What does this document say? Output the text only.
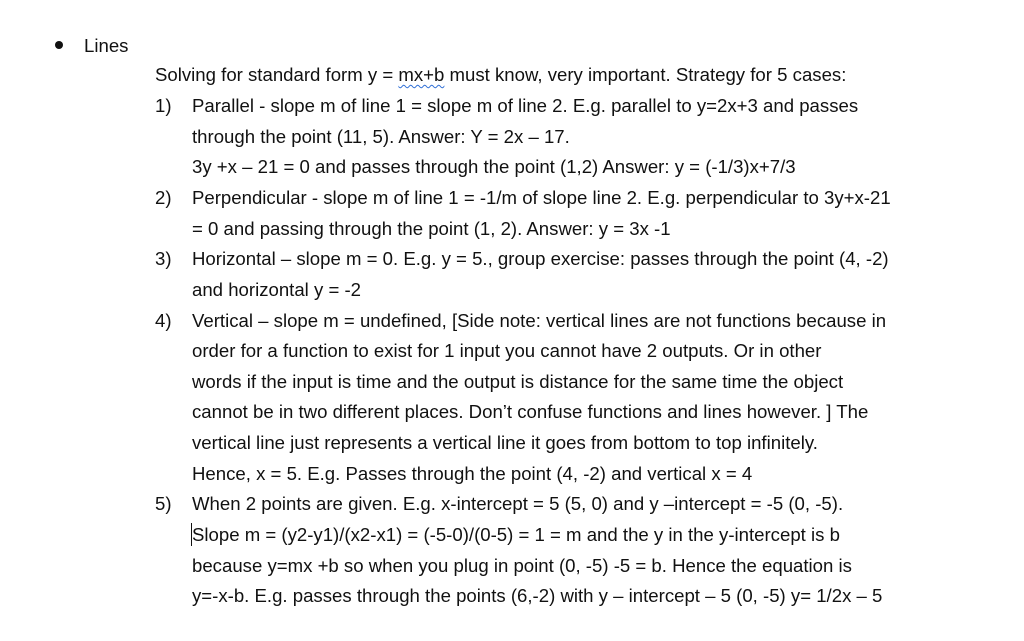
Lines
Solving for standard form y = mx+b must know, very important. Strategy for 5 cases:
1) Parallel - slope m of line 1 = slope m of line 2. E.g. parallel to y=2x+3 and passes
through the point (11, 5). Answer: Y = 2x – 17.
3y +x – 21 = 0 and passes through the point (1,2) Answer: y = (-1/3)x+7/3
2) Perpendicular - slope m of line 1 = -1/m of slope line 2. E.g. perpendicular to 3y+x-21
= 0 and passing through the point (1, 2). Answer: y = 3x -1
3) Horizontal – slope m = 0. E.g. y = 5., group exercise: passes through the point (4, -2)
and horizontal y = -2
4) Vertical – slope m = undefined, [Side note: vertical lines are not functions because in
order for a function to exist for 1 input you cannot have 2 outputs. Or in other
words if the input is time and the output is distance for the same time the object
cannot be in two different places. Don’t confuse functions and lines however. ] The
vertical line just represents a vertical line it goes from bottom to top infinitely.
Hence, x = 5. E.g. Passes through the point (4, -2) and vertical x = 4
5) When 2 points are given. E.g. x-intercept = 5 (5, 0) and y –intercept = -5 (0, -5).
Slope m = (y2-y1)/(x2-x1) = (-5-0)/(0-5) = 1 = m and the y in the y-intercept is b
because y=mx +b so when you plug in point (0, -5) -5 = b. Hence the equation is
y=-x-b. E.g. passes through the points (6,-2) with y – intercept – 5 (0, -5) y= 1/2x – 5
